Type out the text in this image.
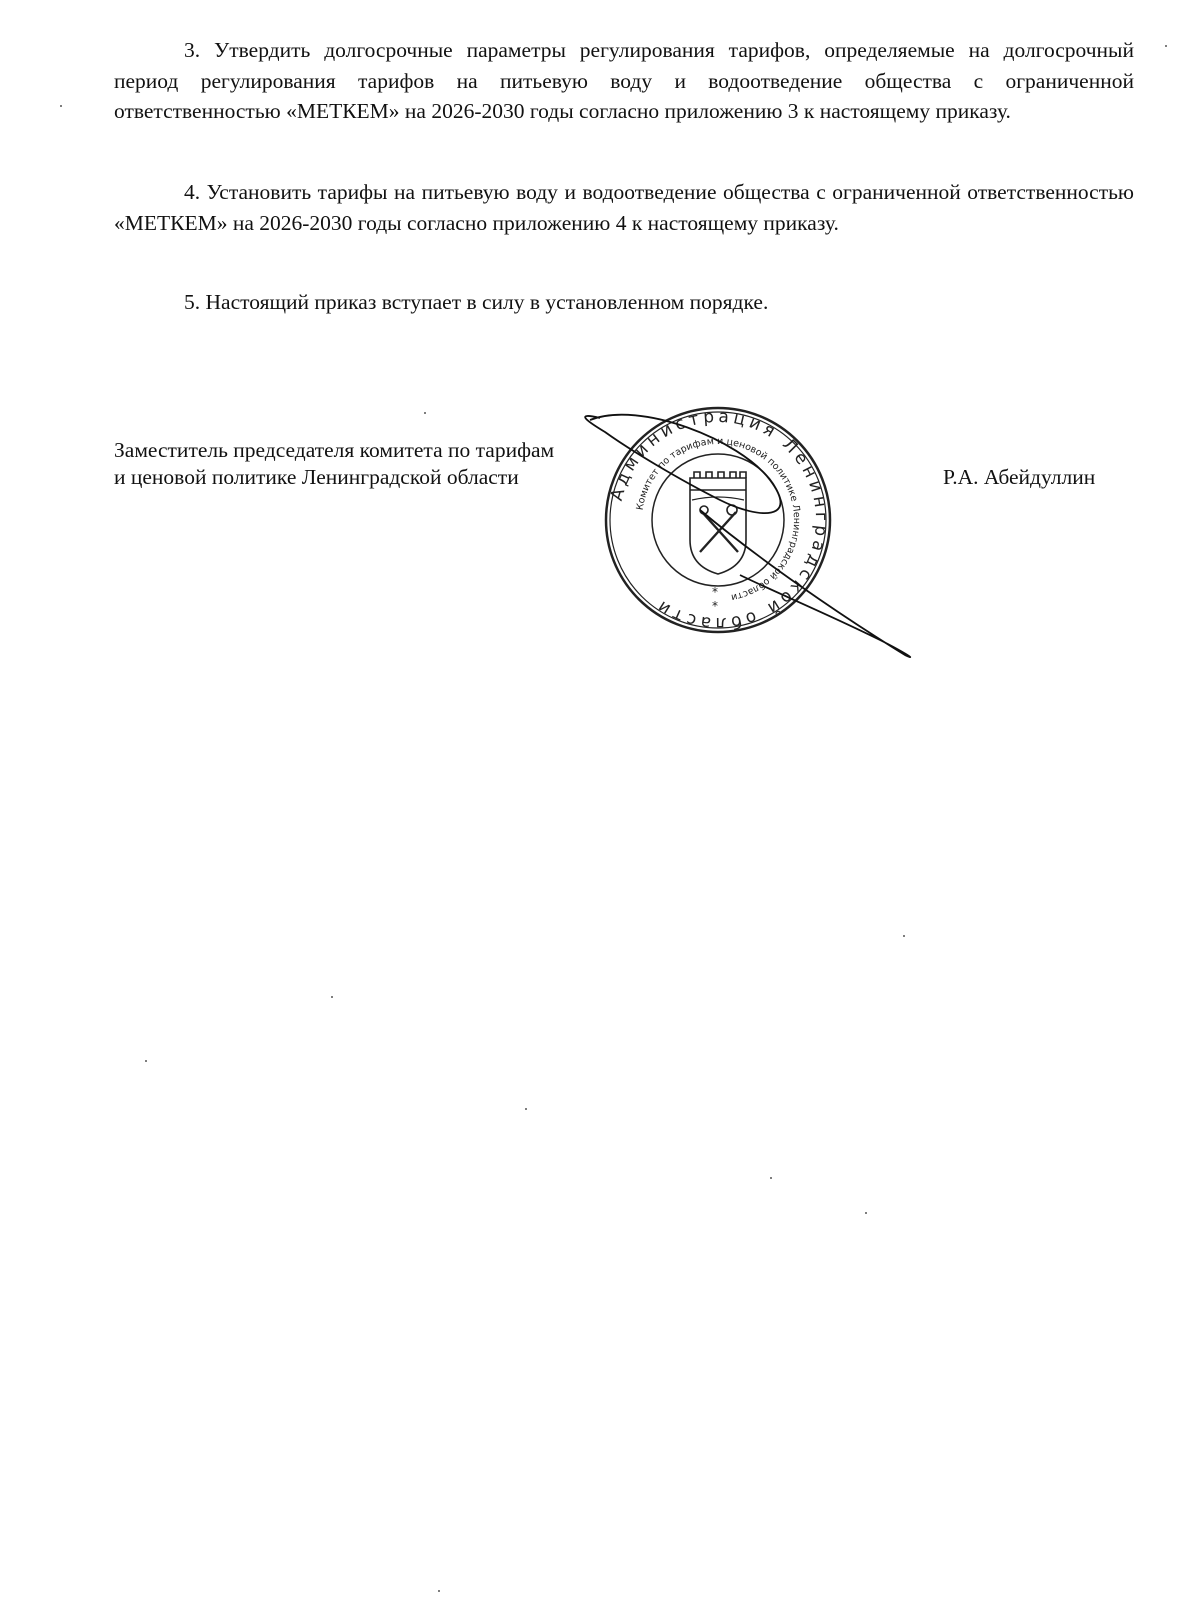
3. Утвердить долгосрочные параметры регулирования тарифов, определяемые на долгосрочный период регулирования тарифов на питьевую воду и водоотведение общества с ограниченной ответственностью «МЕТКЕМ» на 2026-2030 годы согласно приложению 3 к настоящему приказу.

4. Установить тарифы на питьевую воду и водоотведение общества с ограниченной ответственностью «МЕТКЕМ» на 2026-2030 годы согласно приложению 4 к настоящему приказу.

5. Настоящий приказ вступает в силу в установленном порядке.

Заместитель председателя комитета по тарифам
и ценовой политике Ленинградской области	Р.А. Абейдуллин
Администрация Ленинградской области
Комитет по тарифам и ценовой политике Ленинградской области
*
*
